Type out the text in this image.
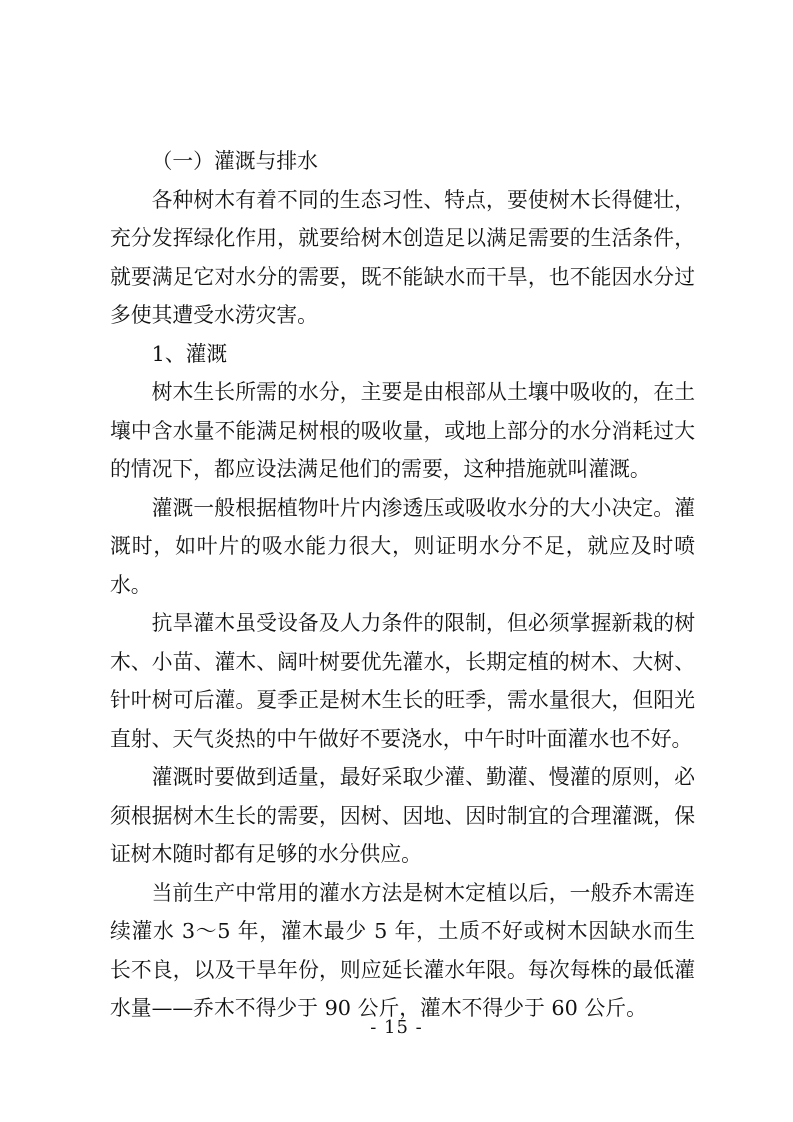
（一）灌溉与排水

各种树木有着不同的生态习性、特点，要使树木长得健壮，充分发挥绿化作用，就要给树木创造足以满足需要的生活条件，就要满足它对水分的需要，既不能缺水而干旱，也不能因水分过多使其遭受水涝灾害。

1、灌溉

树木生长所需的水分，主要是由根部从土壤中吸收的，在土壤中含水量不能满足树根的吸收量，或地上部分的水分消耗过大的情况下，都应设法满足他们的需要，这种措施就叫灌溉。

灌溉一般根据植物叶片内渗透压或吸收水分的大小决定。灌溉时，如叶片的吸水能力很大，则证明水分不足，就应及时喷水。

抗旱灌木虽受设备及人力条件的限制，但必须掌握新栽的树木、小苗、灌木、阔叶树要优先灌水，长期定植的树木、大树、针叶树可后灌。夏季正是树木生长的旺季，需水量很大，但阳光直射、天气炎热的中午做好不要浇水，中午时叶面灌水也不好。

灌溉时要做到适量，最好采取少灌、勤灌、慢灌的原则，必须根据树木生长的需要，因树、因地、因时制宜的合理灌溉，保证树木随时都有足够的水分供应。

当前生产中常用的灌水方法是树木定植以后，一般乔木需连续灌水 3～5 年，灌木最少 5 年，土质不好或树木因缺水而生长不良，以及干旱年份，则应延长灌水年限。每次每株的最低灌水量——乔木不得少于 90 公斤，灌木不得少于 60 公斤。

- 15 -
